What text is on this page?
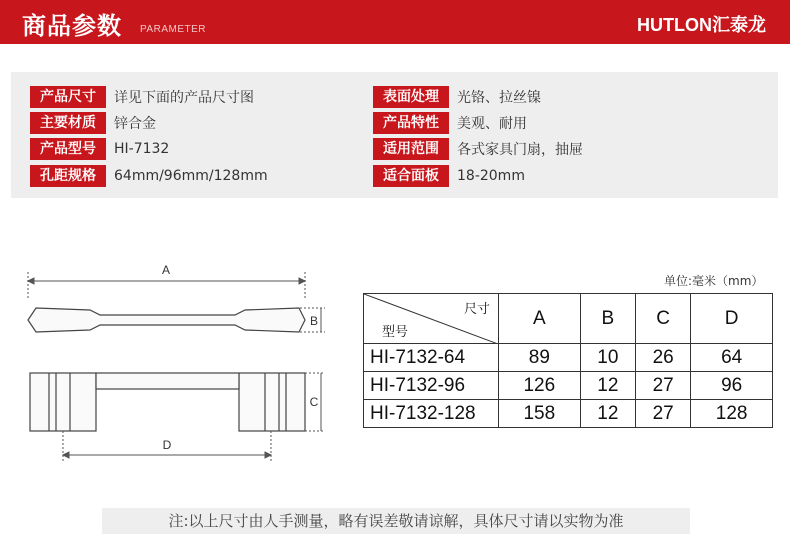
商品参数 PARAMETER	HUTLON汇泰龙
产品尺寸	详见下面的产品尺寸图
主要材质	锌合金
产品型号	HI-7132
孔距规格	64mm/96mm/128mm
表面处理	光铬、拉丝镍
产品特性	美观、耐用
适用范围	各式家具门扇，抽屉
适合面板	18-20mm
A
B
C
D
单位:毫米（mm）
尺寸
型号	A	B	C	D
HI-7132-64	89	10	26	64
HI-7132-96	126	12	27	96
HI-7132-128	158	12	27	128
注:以上尺寸由人手测量，略有误差敬请谅解，具体尺寸请以实物为准
